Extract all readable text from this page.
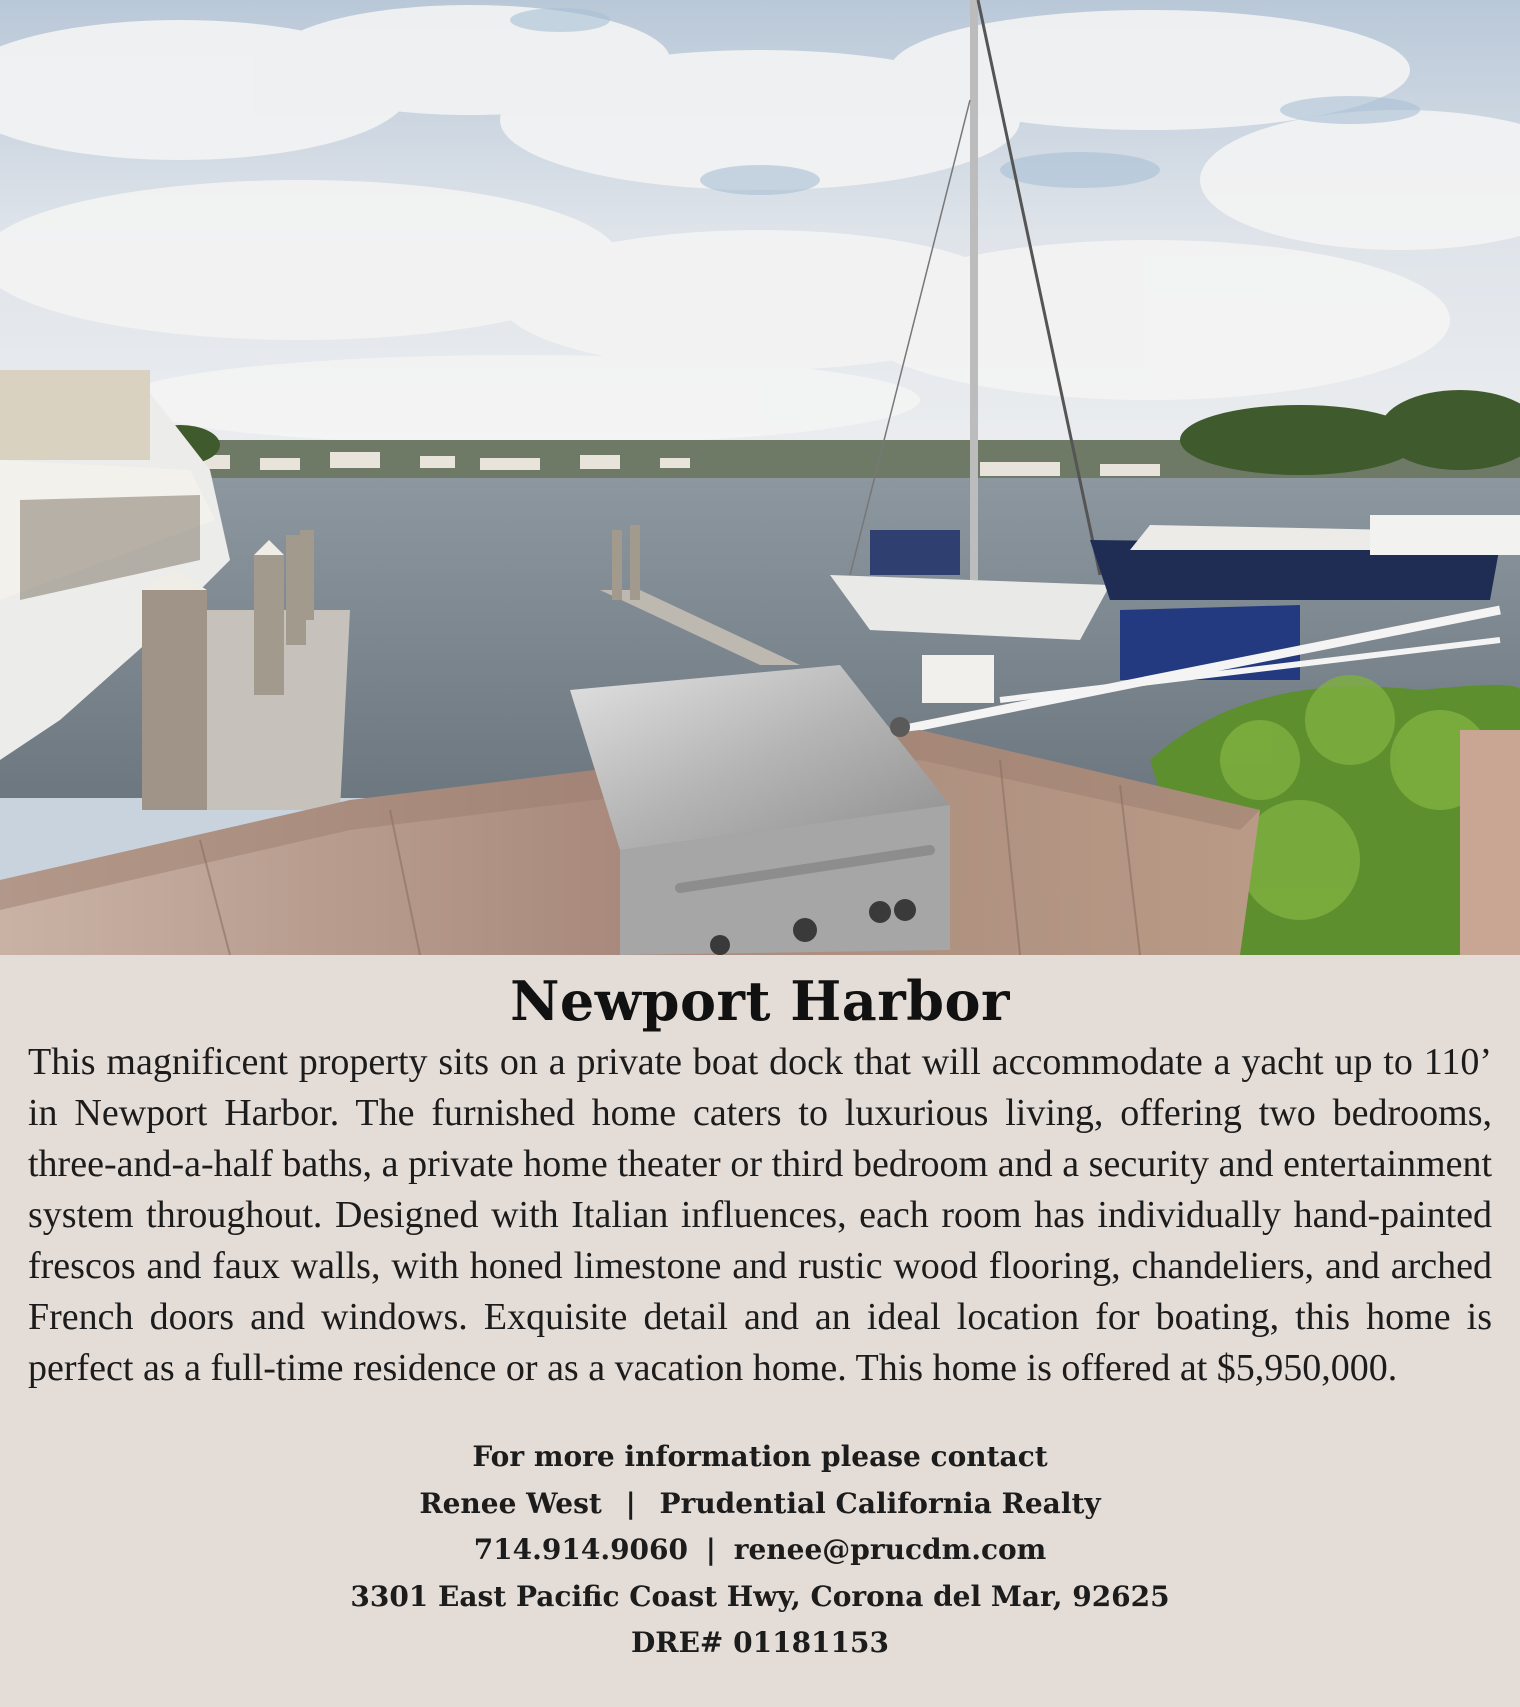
Newport Harbor

This magnificent property sits on a private boat dock that will accommodate a yacht up to 110’ in Newport Harbor. The furnished home caters to luxurious living, offering two bedrooms, three-and-a-half baths, a private home theater or third bedroom and a security and entertainment system throughout. Designed with Italian influences, each room has individually hand-painted frescos and faux walls, with honed limestone and rustic wood flooring, chandeliers, and arched French doors and windows. Exquisite detail and an ideal location for boating, this home is perfect as a full-time residence or as a vacation home. This home is offered at $5,950,000.

For more information please contact
Renee West | Prudential California Realty
714.914.9060 | renee@prucdm.com
3301 East Pacific Coast Hwy, Corona del Mar, 92625
DRE# 01181153
